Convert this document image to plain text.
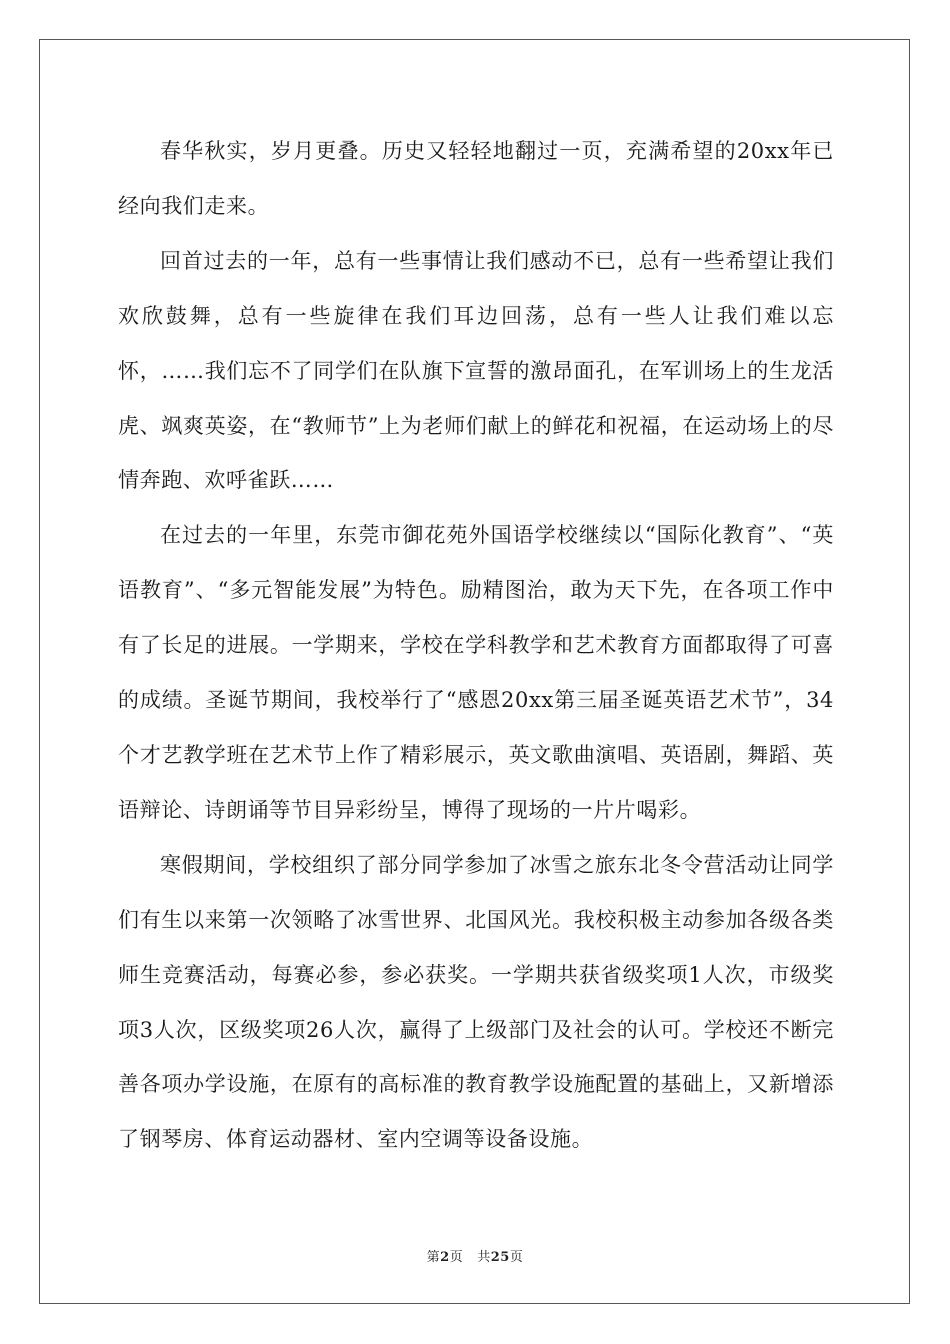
春华秋实，岁月更叠。历史又轻轻地翻过一页，充满希望的20xx年已经向我们走来。

回首过去的一年，总有一些事情让我们感动不已，总有一些希望让我们欢欣鼓舞，总有一些旋律在我们耳边回荡，总有一些人让我们难以忘怀，……我们忘不了同学们在队旗下宣誓的激昂面孔，在军训场上的生龙活虎、飒爽英姿，在“教师节”上为老师们献上的鲜花和祝福，在运动场上的尽情奔跑、欢呼雀跃……

在过去的一年里，东莞市御花苑外国语学校继续以“国际化教育”、“英语教育”、“多元智能发展”为特色。励精图治，敢为天下先，在各项工作中有了长足的进展。一学期来，学校在学科教学和艺术教育方面都取得了可喜的成绩。圣诞节期间，我校举行了“感恩20xx第三届圣诞英语艺术节”，34个才艺教学班在艺术节上作了精彩展示，英文歌曲演唱、英语剧，舞蹈、英语辩论、诗朗诵等节目异彩纷呈，博得了现场的一片片喝彩。

寒假期间，学校组织了部分同学参加了冰雪之旅东北冬令营活动让同学们有生以来第一次领略了冰雪世界、北国风光。我校积极主动参加各级各类师生竞赛活动，每赛必参，参必获奖。一学期共获省级奖项1人次，市级奖项3人次，区级奖项26人次，赢得了上级部门及社会的认可。学校还不断完善各项办学设施，在原有的高标准的教育教学设施配置的基础上，又新增添了钢琴房、体育运动器材、室内空调等设备设施。

第2页 共25页
